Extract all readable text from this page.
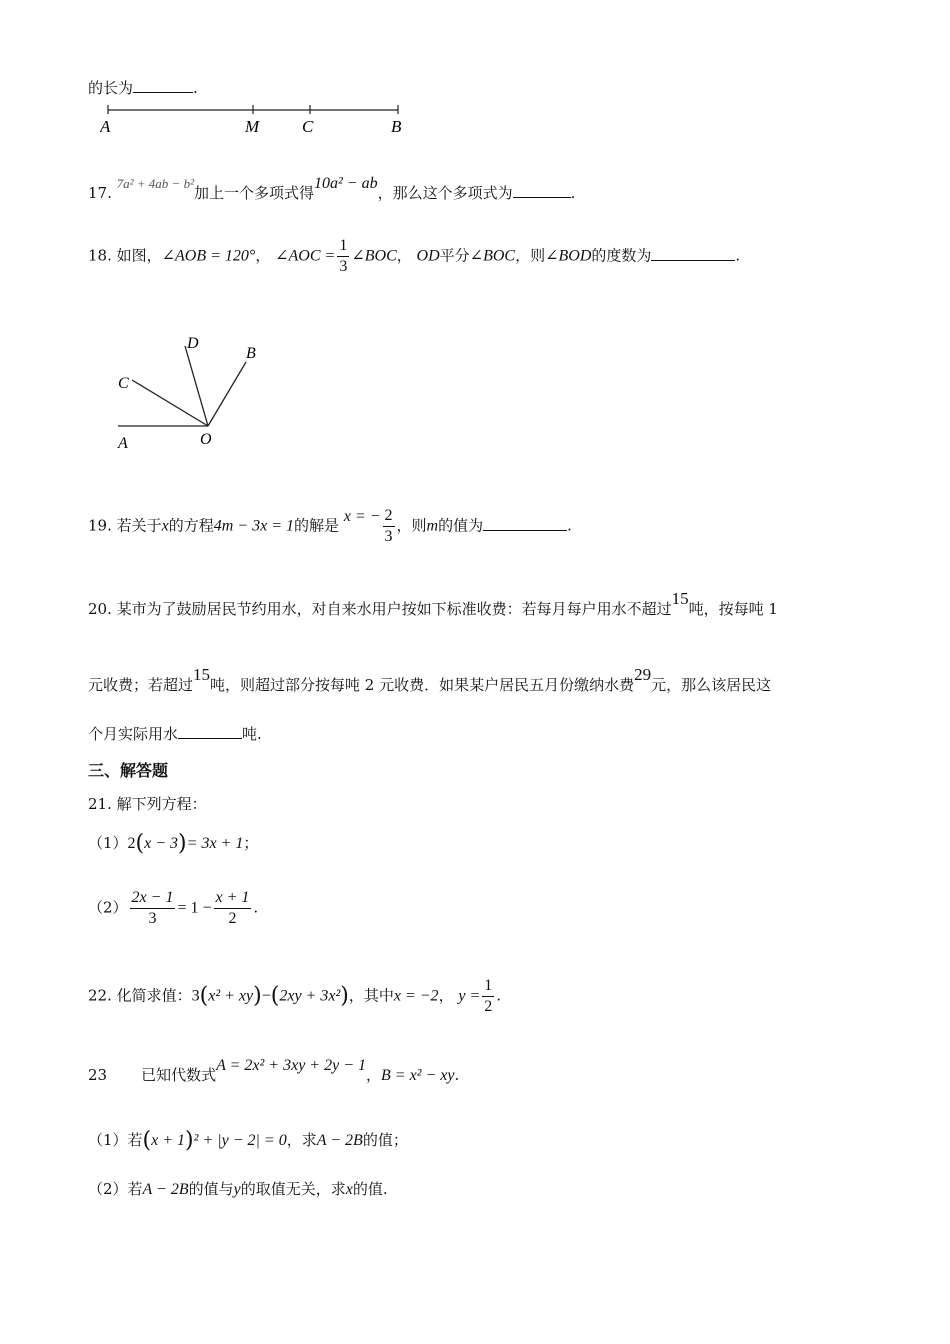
的长为	.
A	M	C	B
17. 7a² + 4ab − b²加上一个多项式得10a² − ab，那么这个多项式为	.
18. 如图，∠AOB = 120°， ∠AOC = $\frac{1}{3}$ ∠BOC， OD平分∠BOC，则∠BOD的度数为	.
D
B
C
A	O
19. 若关于x的方程4m − 3x = 1的解是 x = − $\frac{2}{3}$ ，则m的值为	.
20. 某市为了鼓励居民节约用水，对自来水用户按如下标准收费：若每月每户用水不超过15吨，按每吨 1
元收费；若超过15吨，则超过部分按每吨 2 元收费．如果某户居民五月份缴纳水费29元，那么该居民这
个月实际用水	吨.
三、解答题
21. 解下列方程：
（1）2(x − 3)= 3x + 1；
$(2) \frac{2x - 1}{3} = 1 - \frac{x + 1}{2}$ .
22. 化简求值：3(x² + xy)−(2xy + 3x²)，其中x = −2， $y = \frac{1}{2}$ .
23 已知代数式A = 2x² + 3xy + 2y − 1，B = x² − xy.
（1）若(x + 1)² + |y − 2| = 0，求A − 2B的值；
（2）若A − 2B的值与y的取值无关，求x的值.
